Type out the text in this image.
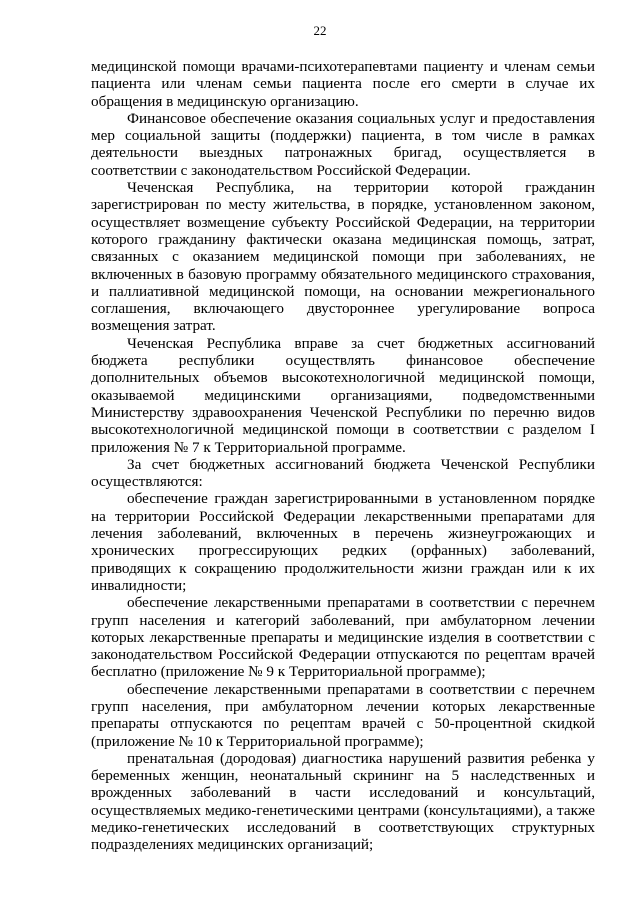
22

медицинской помощи врачами-психотерапевтами пациенту и членам семьи пациента или членам семьи пациента после его смерти в случае их обращения в медицинскую организацию.

Финансовое обеспечение оказания социальных услуг и предоставления мер социальной защиты (поддержки) пациента, в том числе в рамках деятельности выездных патронажных бригад, осуществляется в соответствии с законодательством Российской Федерации.

Чеченская Республика, на территории которой гражданин зарегистрирован по месту жительства, в порядке, установленном законом, осуществляет возмещение субъекту Российской Федерации, на территории которого гражданину фактически оказана медицинская помощь, затрат, связанных с оказанием медицинской помощи при заболеваниях, не включенных в базовую программу обязательного медицинского страхования, и паллиативной медицинской помощи, на основании межрегионального соглашения, включающего двустороннее урегулирование вопроса возмещения затрат.

Чеченская Республика вправе за счет бюджетных ассигнований бюджета республики осуществлять финансовое обеспечение дополнительных объемов высокотехнологичной медицинской помощи, оказываемой медицинскими организациями, подведомственными Министерству здравоохранения Чеченской Республики по перечню видов высокотехнологичной медицинской помощи в соответствии с разделом I приложения № 7 к Территориальной программе.

За счет бюджетных ассигнований бюджета Чеченской Республики осуществляются:

обеспечение граждан зарегистрированными в установленном порядке на территории Российской Федерации лекарственными препаратами для лечения заболеваний, включенных в перечень жизнеугрожающих и хронических прогрессирующих редких (орфанных) заболеваний, приводящих к сокращению продолжительности жизни граждан или к их инвалидности;

обеспечение лекарственными препаратами в соответствии с перечнем групп населения и категорий заболеваний, при амбулаторном лечении которых лекарственные препараты и медицинские изделия в соответствии с законодательством Российской Федерации отпускаются по рецептам врачей бесплатно (приложение № 9 к Территориальной программе);

обеспечение лекарственными препаратами в соответствии с перечнем групп населения, при амбулаторном лечении которых лекарственные препараты отпускаются по рецептам врачей с 50-процентной скидкой (приложение № 10 к Территориальной программе);

пренатальная (дородовая) диагностика нарушений развития ребенка у беременных женщин, неонатальный скрининг на 5 наследственных и врожденных заболеваний в части исследований и консультаций, осуществляемых медико-генетическими центрами (консультациями), а также медико-генетических исследований в соответствующих структурных подразделениях медицинских организаций;
